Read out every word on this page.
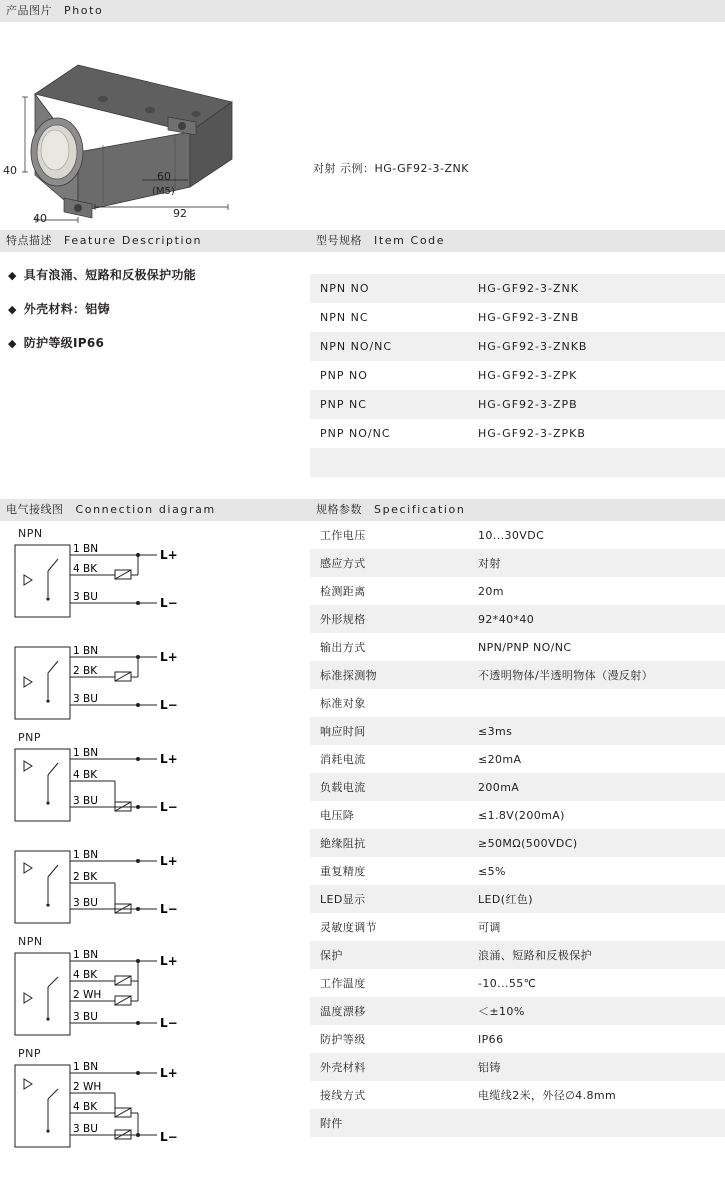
产品图片 Photo
40
40
60
(M5)
92
对射 示例：HG-GF92-3-ZNK
特点描述 Feature Description	型号规格 Item Code
◆ 具有浪涌、短路和反极保护功能
◆ 外壳材料：铝铸
◆ 防护等级IP66
NPN NO	HG-GF92-3-ZNK
NPN NC	HG-GF92-3-ZNB
NPN NO/NC	HG-GF92-3-ZNKB
PNP NO	HG-GF92-3-ZPK
PNP NC	HG-GF92-3-ZPB
PNP NO/NC	HG-GF92-3-ZPKB

电气接线图 Connection diagram	规格参数 Specification
NPN
1 BN
4 BK
3 BU
L+
L−
1 BN
2 BK
3 BU
L+
L−
PNP
1 BN
4 BK
3 BU
L+
L−
1 BN
2 BK
3 BU
L+
L−
NPN
1 BN
4 BK
2 WH
3 BU
L+
L−
PNP
1 BN
2 WH
4 BK
3 BU
L+
L−
工作电压	10...30VDC
感应方式	对射
检测距离	20m
外形规格	92*40*40
输出方式	NPN/PNP NO/NC
标准探测物	不透明物体/半透明物体（漫反射）
标准对象	
响应时间	≤3ms
消耗电流	≤20mA
负载电流	200mA
电压降	≤1.8V(200mA)
絶缘阻抗	≥50MΩ(500VDC)
重复精度	≤5%
LED显示	LED(红色)
灵敏度调节	可调
保护	浪涌、短路和反极保护
工作温度	-10...55℃
温度漂移	＜±10%
防护等级	IP66
外壳材料	铝铸
接线方式	电缆线2米，外径∅4.8mm
附件	
